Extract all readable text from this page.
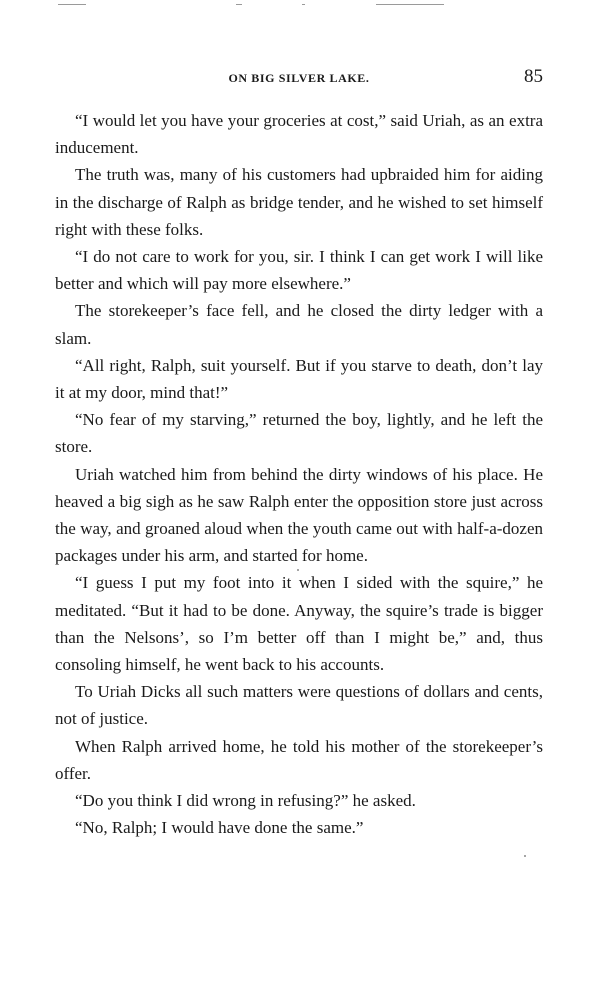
ON BIG SILVER LAKE.	85

“I would let you have your groceries at cost,” said Uriah, as an extra inducement.

The truth was, many of his customers had upbraided him for aiding in the discharge of Ralph as bridge tender, and he wished to set himself right with these folks.

“I do not care to work for you, sir. I think I can get work I will like better and which will pay more elsewhere.”

The storekeeper’s face fell, and he closed the dirty ledger with a slam.

“All right, Ralph, suit yourself. But if you starve to death, don’t lay it at my door, mind that!”

“No fear of my starving,” returned the boy, lightly, and he left the store.

Uriah watched him from behind the dirty windows of his place. He heaved a big sigh as he saw Ralph enter the opposition store just across the way, and groaned aloud when the youth came out with half-a-dozen packages under his arm, and started for home.

“I guess I put my foot into it when I sided with the squire,” he meditated. “But it had to be done. Anyway, the squire’s trade is bigger than the Nelsons’, so I’m better off than I might be,” and, thus consoling himself, he went back to his accounts.

To Uriah Dicks all such matters were questions of dollars and cents, not of justice.

When Ralph arrived home, he told his mother of the storekeeper’s offer.

“Do you think I did wrong in refusing?” he asked.

“No, Ralph; I would have done the same.”
